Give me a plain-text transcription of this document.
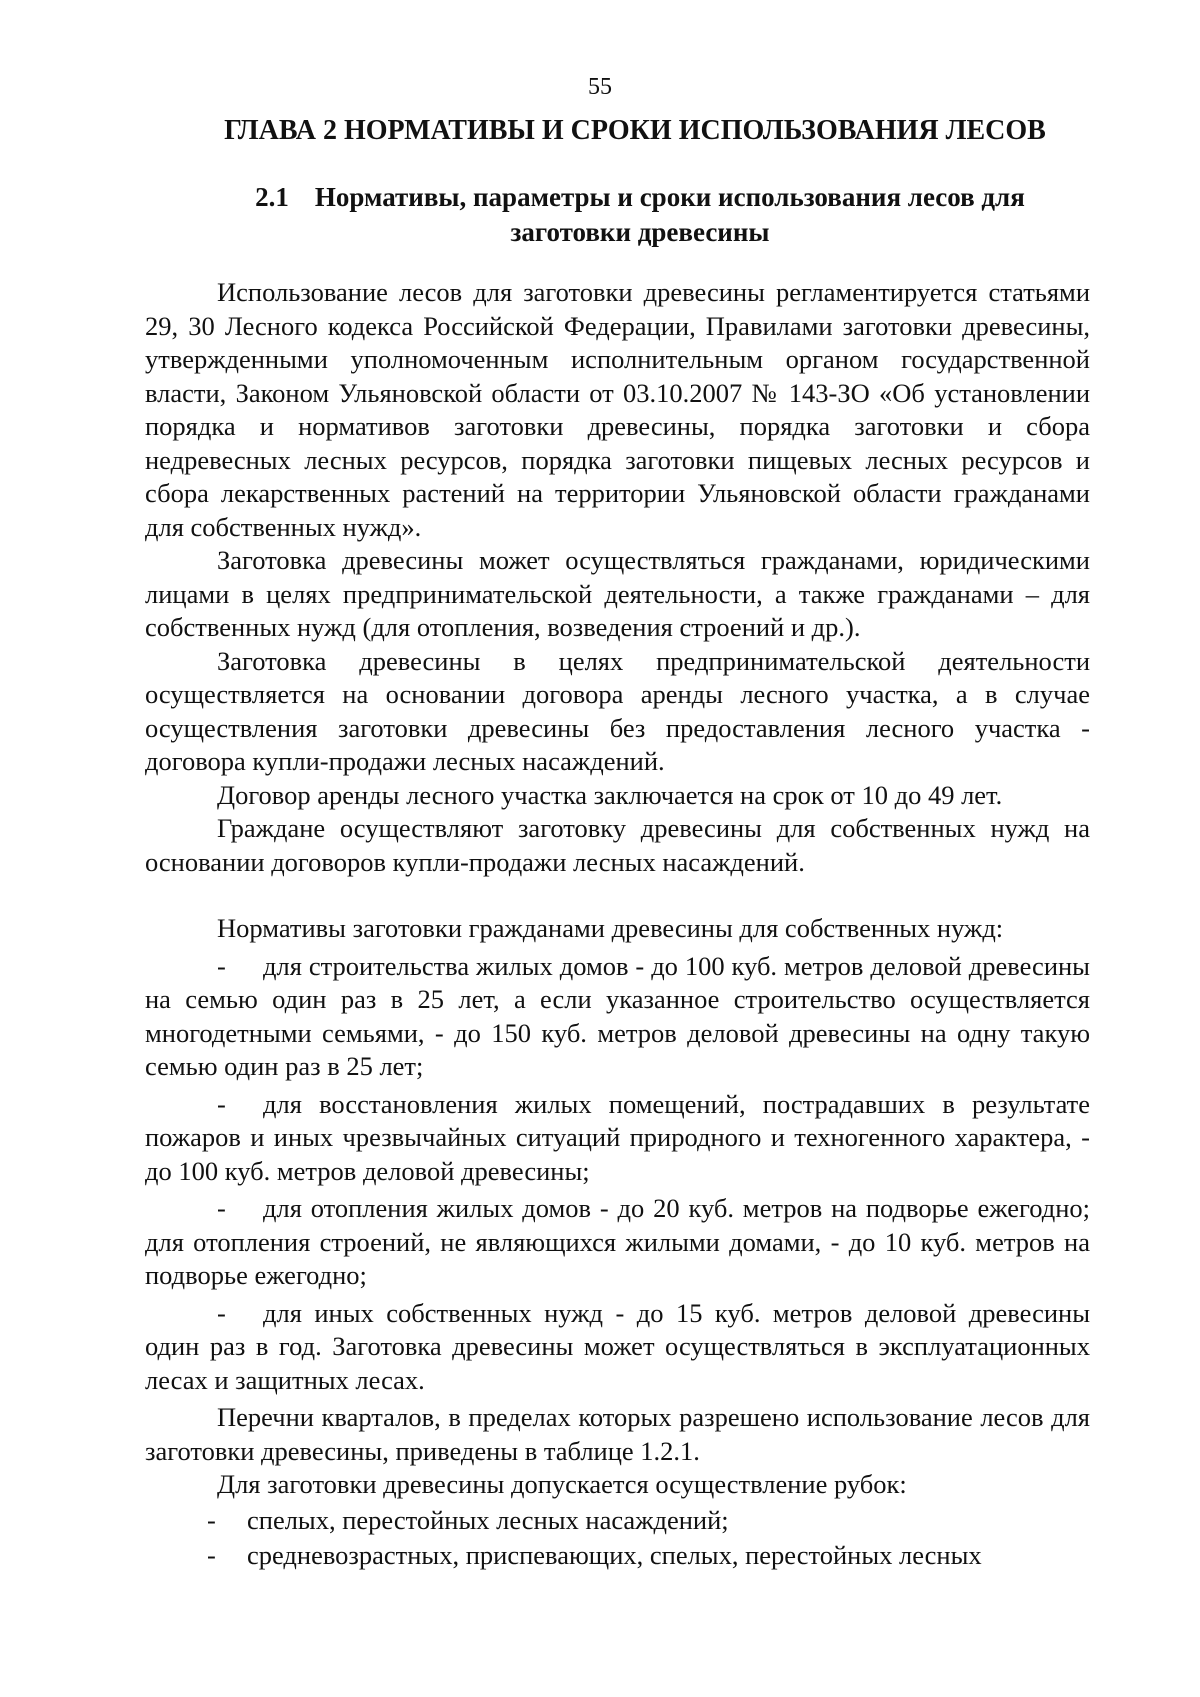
55
ГЛАВА 2 НОРМАТИВЫ И СРОКИ ИСПОЛЬЗОВАНИЯ ЛЕСОВ
2.1 Нормативы, параметры и сроки использования лесов для
заготовки древесины

Использование лесов для заготовки древесины регламентируется статьями 29, 30 Лесного кодекса Российской Федерации, Правилами заготовки древесины, утвержденными уполномоченным исполнительным органом государственной власти, Законом Ульяновской области от 03.10.2007 № 143-ЗО «Об установлении порядка и нормативов заготовки древесины, порядка заготовки и сбора недревесных лесных ресурсов, порядка заготовки пищевых лесных ресурсов и сбора лекарственных растений на территории Ульяновской области гражданами для собственных нужд».

Заготовка древесины может осуществляться гражданами, юридическими лицами в целях предпринимательской деятельности, а также гражданами – для собственных нужд (для отопления, возведения строений и др.).

Заготовка древесины в целях предпринимательской деятельности осуществляется на основании договора аренды лесного участка, а в случае осуществления заготовки древесины без предоставления лесного участка - договора купли-продажи лесных насаждений.

Договор аренды лесного участка заключается на срок от 10 до 49 лет.

Граждане осуществляют заготовку древесины для собственных нужд на основании договоров купли-продажи лесных насаждений.

Нормативы заготовки гражданами древесины для собственных нужд:

- для строительства жилых домов - до 100 куб. метров деловой древесины на семью один раз в 25 лет, а если указанное строительство осуществляется многодетными семьями, - до 150 куб. метров деловой древесины на одну такую семью один раз в 25 лет;

- для восстановления жилых помещений, пострадавших в результате пожаров и иных чрезвычайных ситуаций природного и техногенного характера, - до 100 куб. метров деловой древесины;

- для отопления жилых домов - до 20 куб. метров на подворье ежегодно; для отопления строений, не являющихся жилыми домами, - до 10 куб. метров на подворье ежегодно;

- для иных собственных нужд - до 15 куб. метров деловой древесины один раз в год. Заготовка древесины может осуществляться в эксплуатационных лесах и защитных лесах.

Перечни кварталов, в пределах которых разрешено использование лесов для заготовки древесины, приведены в таблице 1.2.1.

Для заготовки древесины допускается осуществление рубок:

- спелых, перестойных лесных насаждений;

- средневозрастных, приспевающих, спелых, перестойных лесных
